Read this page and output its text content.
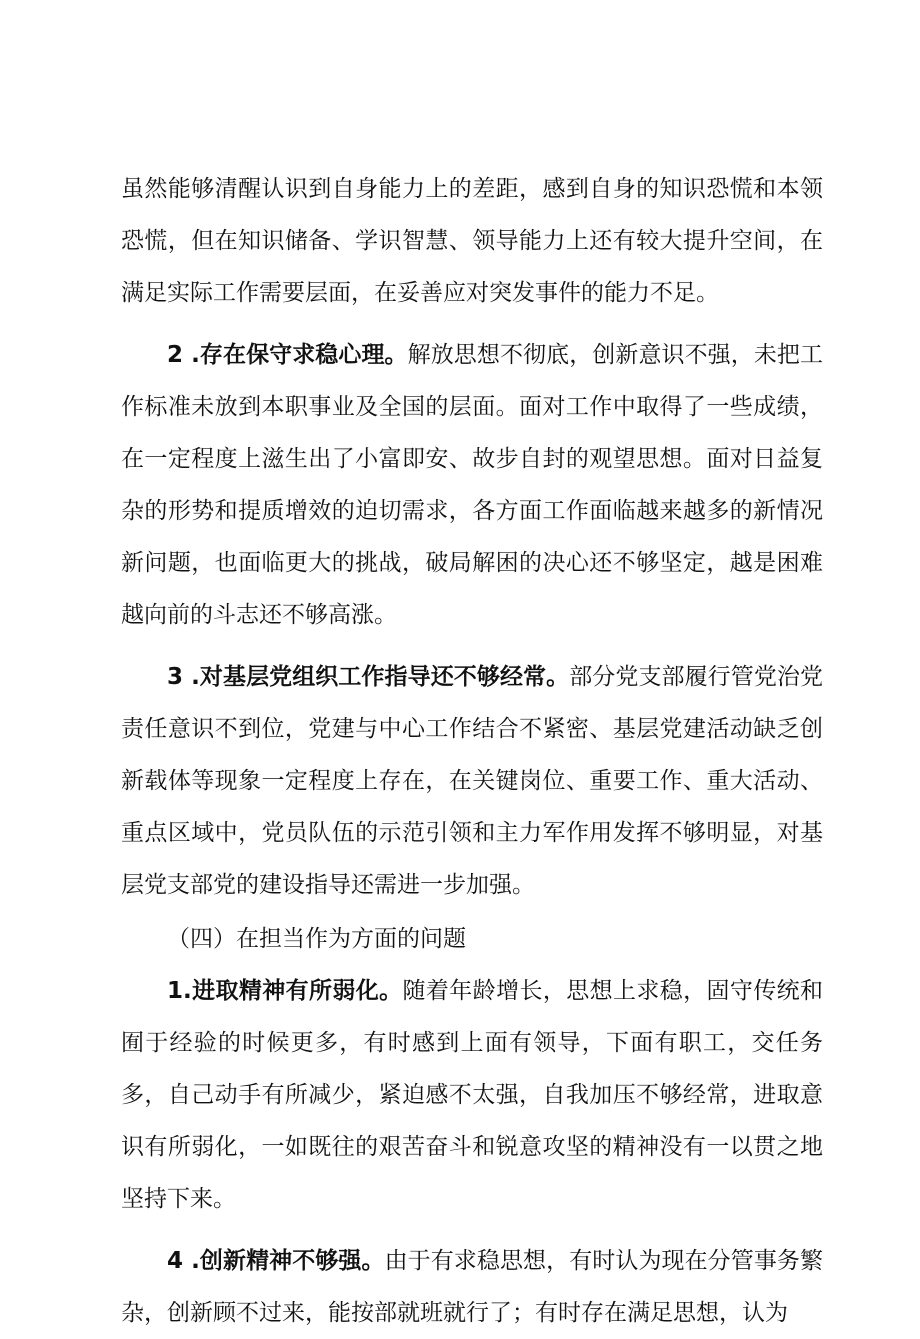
虽然能够清醒认识到自身能力上的差距，感到自身的知识恐慌和本领恐慌，但在知识储备、学识智慧、领导能力上还有较大提升空间，在满足实际工作需要层面，在妥善应对突发事件的能力不足。

2 .存在保守求稳心理。解放思想不彻底，创新意识不强，未把工作标准未放到本职事业及全国的层面。面对工作中取得了一些成绩，在一定程度上滋生出了小富即安、故步自封的观望思想。面对日益复杂的形势和提质增效的迫切需求，各方面工作面临越来越多的新情况新问题，也面临更大的挑战，破局解困的决心还不够坚定，越是困难越向前的斗志还不够高涨。

3 .对基层党组织工作指导还不够经常。部分党支部履行管党治党责任意识不到位，党建与中心工作结合不紧密、基层党建活动缺乏创新载体等现象一定程度上存在，在关键岗位、重要工作、重大活动、重点区域中，党员队伍的示范引领和主力军作用发挥不够明显，对基层党支部党的建设指导还需进一步加强。

（四）在担当作为方面的问题

1.进取精神有所弱化。随着年龄增长，思想上求稳，固守传统和囿于经验的时候更多，有时感到上面有领导，下面有职工，交任务多，自己动手有所减少，紧迫感不太强，自我加压不够经常，进取意识有所弱化，一如既往的艰苦奋斗和锐意攻坚的精神没有一以贯之地坚持下来。

4 .创新精神不够强。由于有求稳思想，有时认为现在分管事务繁杂，创新顾不过来，能按部就班就行了；有时存在满足思想，认为
